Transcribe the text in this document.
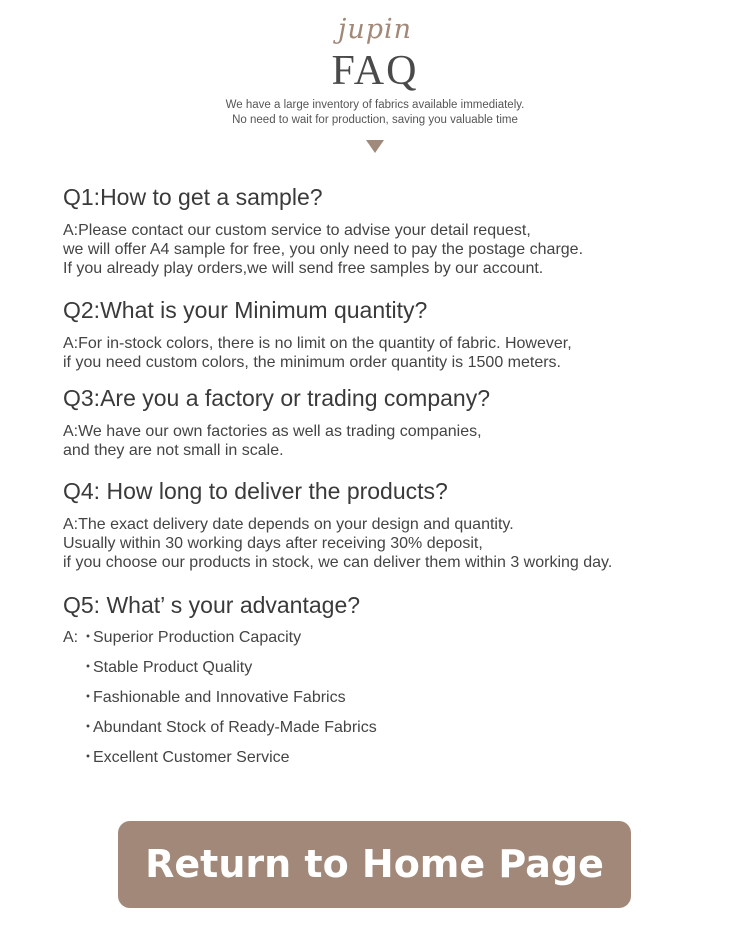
jupin
FAQ
We have a large inventory of fabrics available immediately.
No need to wait for production, saving you valuable time
Q1:How to get a sample?
A:Please contact our custom service to advise your detail request,
we will offer A4 sample for free, you only need to pay the postage charge.
If you already play orders,we will send free samples by our account.
Q2:What is your Minimum quantity?
A:For in-stock colors, there is no limit on the quantity of fabric. However,
if you need custom colors, the minimum order quantity is 1500 meters.
Q3:Are you a factory or trading company?
A:We have our own factories as well as trading companies,
and they are not small in scale.
Q4: How long to deliver the products?
A:The exact delivery date depends on your design and quantity.
Usually within 30 working days after receiving 30% deposit,
if you choose our products in stock, we can deliver them within 3 working day.
Q5: What’ s your advantage?
A: ・Superior Production Capacity
・Stable Product Quality
・Fashionable and Innovative Fabrics
・Abundant Stock of Ready-Made Fabrics
・Excellent Customer Service
Return to Home Page
